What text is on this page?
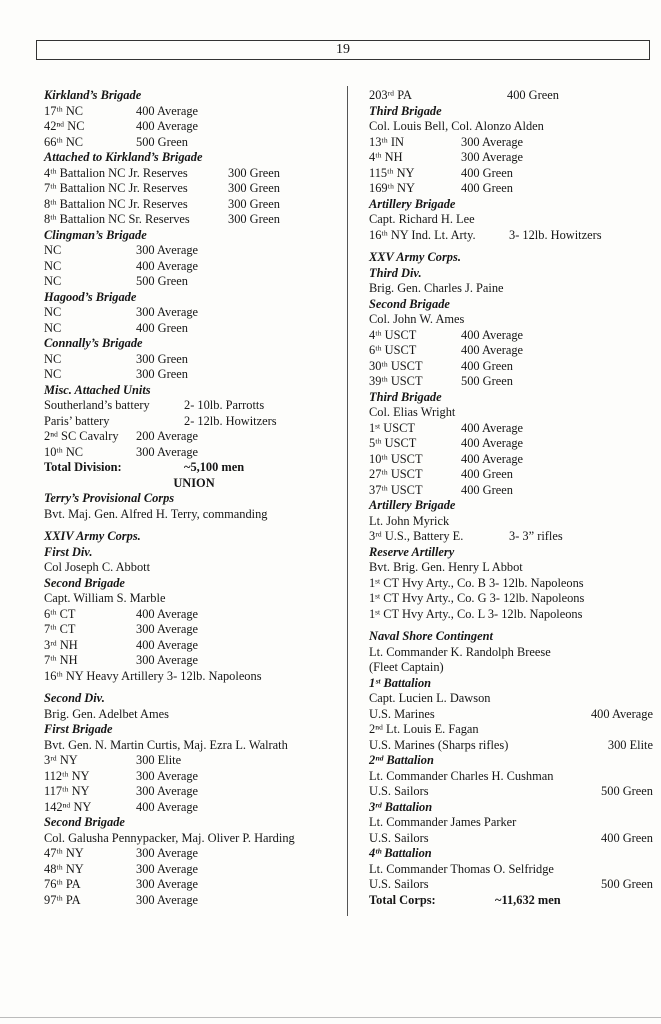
19
Kirkland’s Brigade
17ᵗʰ NC	400 Average
42ⁿᵈ NC	400 Average
66ᵗʰ NC	500 Green
Attached to Kirkland’s Brigade
4ᵗʰ Battalion NC Jr. Reserves	300 Green
7ᵗʰ Battalion NC Jr. Reserves	300 Green
8ᵗʰ Battalion NC Jr. Reserves	300 Green
8ᵗʰ Battalion NC Sr. Reserves	300 Green
Clingman’s Brigade
NC	300 Average
NC	400 Average
NC	500 Green
Hagood’s Brigade
NC	300 Average
NC	400 Green
Connally’s Brigade
NC	300 Green
NC	300 Green
Misc. Attached Units
Southerland’s battery	2- 10lb. Parrotts
Paris’ battery	2- 12lb. Howitzers
2ⁿᵈ SC Cavalry 200 Average
10ᵗʰ NC	300 Average
Total Division:	~5,100 men
UNION
Terry’s Provisional Corps
Bvt. Maj. Gen. Alfred H. Terry, commanding
XXIV Army Corps.
First Div.
Col Joseph C. Abbott
Second Brigade
Capt. William S. Marble
6ᵗʰ CT	400 Average
7ᵗʰ CT	300 Average
3ʳᵈ NH	400 Average
7ᵗʰ NH	300 Average
16ᵗʰ NY Heavy Artillery 3- 12lb. Napoleons
Second Div.
Brig. Gen. Adelbet Ames
First Brigade
Bvt. Gen. N. Martin Curtis, Maj. Ezra L. Walrath
3ʳᵈ NY	300 Elite
112ᵗʰ NY	300 Average
117ᵗʰ NY	300 Average
142ⁿᵈ NY	400 Average
Second Brigade
Col. Galusha Pennypacker, Maj. Oliver P. Harding
47ᵗʰ NY	300 Average
48ᵗʰ NY	300 Average
76ᵗʰ PA	300 Average
97ᵗʰ PA	300 Average
203ʳᵈ PA	400 Green
Third Brigade
Col. Louis Bell, Col. Alonzo Alden
13ᵗʰ IN	300 Average
4ᵗʰ NH	300 Average
115ᵗʰ NY	400 Green
169ᵗʰ NY	400 Green
Artillery Brigade
Capt. Richard H. Lee
16ᵗʰ NY Ind. Lt. Arty.	3- 12lb. Howitzers
XXV Army Corps.
Third Div.
Brig. Gen. Charles J. Paine
Second Brigade
Col. John W. Ames
4ᵗʰ USCT	400 Average
6ᵗʰ USCT	400 Average
30ᵗʰ USCT	400 Green
39ᵗʰ USCT	500 Green
Third Brigade
Col. Elias Wright
1ˢᵗ USCT	400 Average
5ᵗʰ USCT	400 Average
10ᵗʰ USCT	400 Average
27ᵗʰ USCT	400 Green
37ᵗʰ USCT	400 Green
Artillery Brigade
Lt. John Myrick
3ʳᵈ U.S., Battery E.	3- 3” rifles
Reserve Artillery
Bvt. Brig. Gen. Henry L Abbot
1ˢᵗ CT Hvy Arty., Co. B 3- 12lb. Napoleons
1ˢᵗ CT Hvy Arty., Co. G 3- 12lb. Napoleons
1ˢᵗ CT Hvy Arty., Co. L 3- 12lb. Napoleons
Naval Shore Contingent
Lt. Commander K. Randolph Breese
(Fleet Captain)
1ˢᵗ Battalion
Capt. Lucien L. Dawson
U.S. Marines	400 Average
2ⁿᵈ Lt. Louis E. Fagan
U.S. Marines (Sharps rifles)	300 Elite
2ⁿᵈ Battalion
Lt. Commander Charles H. Cushman
U.S. Sailors	500 Green
3ʳᵈ Battalion
Lt. Commander James Parker
U.S. Sailors	400 Green
4ᵗʰ Battalion
Lt. Commander Thomas O. Selfridge
U.S. Sailors	500 Green
Total Corps:	~11,632 men
